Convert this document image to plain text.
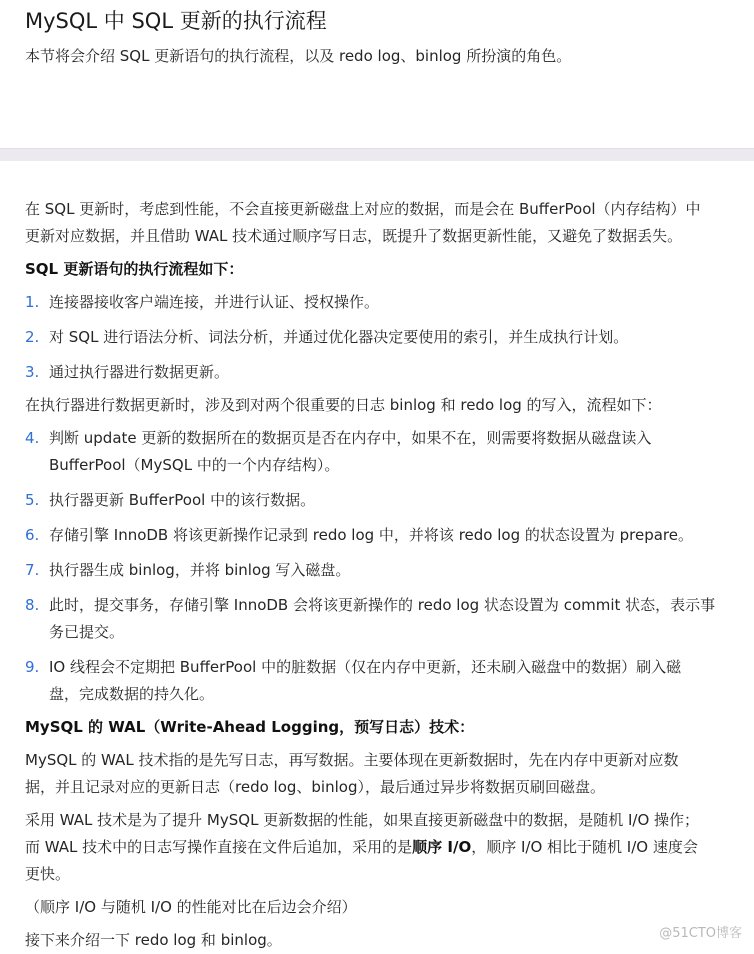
MySQL 中 SQL 更新的执行流程
本节将会介绍 SQL 更新语句的执行流程，以及 redo log、binlog 所扮演的角色。

在 SQL 更新时，考虑到性能，不会直接更新磁盘上对应的数据，而是会在 BufferPool（内存结构）中
更新对应数据，并且借助 WAL 技术通过顺序写日志，既提升了数据更新性能，又避免了数据丢失。

SQL 更新语句的执行流程如下：

1. 连接器接收客户端连接，并进行认证、授权操作。
2. 对 SQL 进行语法分析、词法分析，并通过优化器决定要使用的索引，并生成执行计划。
3. 通过执行器进行数据更新。

在执行器进行数据更新时，涉及到对两个很重要的日志 binlog 和 redo log 的写入，流程如下：

4. 判断 update 更新的数据所在的数据页是否在内存中，如果不在，则需要将数据从磁盘读入
BufferPool（MySQL 中的一个内存结构）。
5. 执行器更新 BufferPool 中的该行数据。
6. 存储引擎 InnoDB 将该更新操作记录到 redo log 中，并将该 redo log 的状态设置为 prepare。
7. 执行器生成 binlog，并将 binlog 写入磁盘。
8. 此时，提交事务，存储引擎 InnoDB 会将该更新操作的 redo log 状态设置为 commit 状态，表示事
务已提交。
9. IO 线程会不定期把 BufferPool 中的脏数据（仅在内存中更新，还未刷入磁盘中的数据）刷入磁
盘，完成数据的持久化。

MySQL 的 WAL（Write-Ahead Logging，预写日志）技术：

MySQL 的 WAL 技术指的是先写日志，再写数据。主要体现在更新数据时，先在内存中更新对应数
据，并且记录对应的更新日志（redo log、binlog），最后通过异步将数据页刷回磁盘。

采用 WAL 技术是为了提升 MySQL 更新数据的性能，如果直接更新磁盘中的数据，是随机 I/O 操作；
而 WAL 技术中的日志写操作直接在文件后追加，采用的是顺序 I/O，顺序 I/O 相比于随机 I/O 速度会
更快。

（顺序 I/O 与随机 I/O 的性能对比在后边会介绍）

接下来介绍一下 redo log 和 binlog。	@51CTO博客
